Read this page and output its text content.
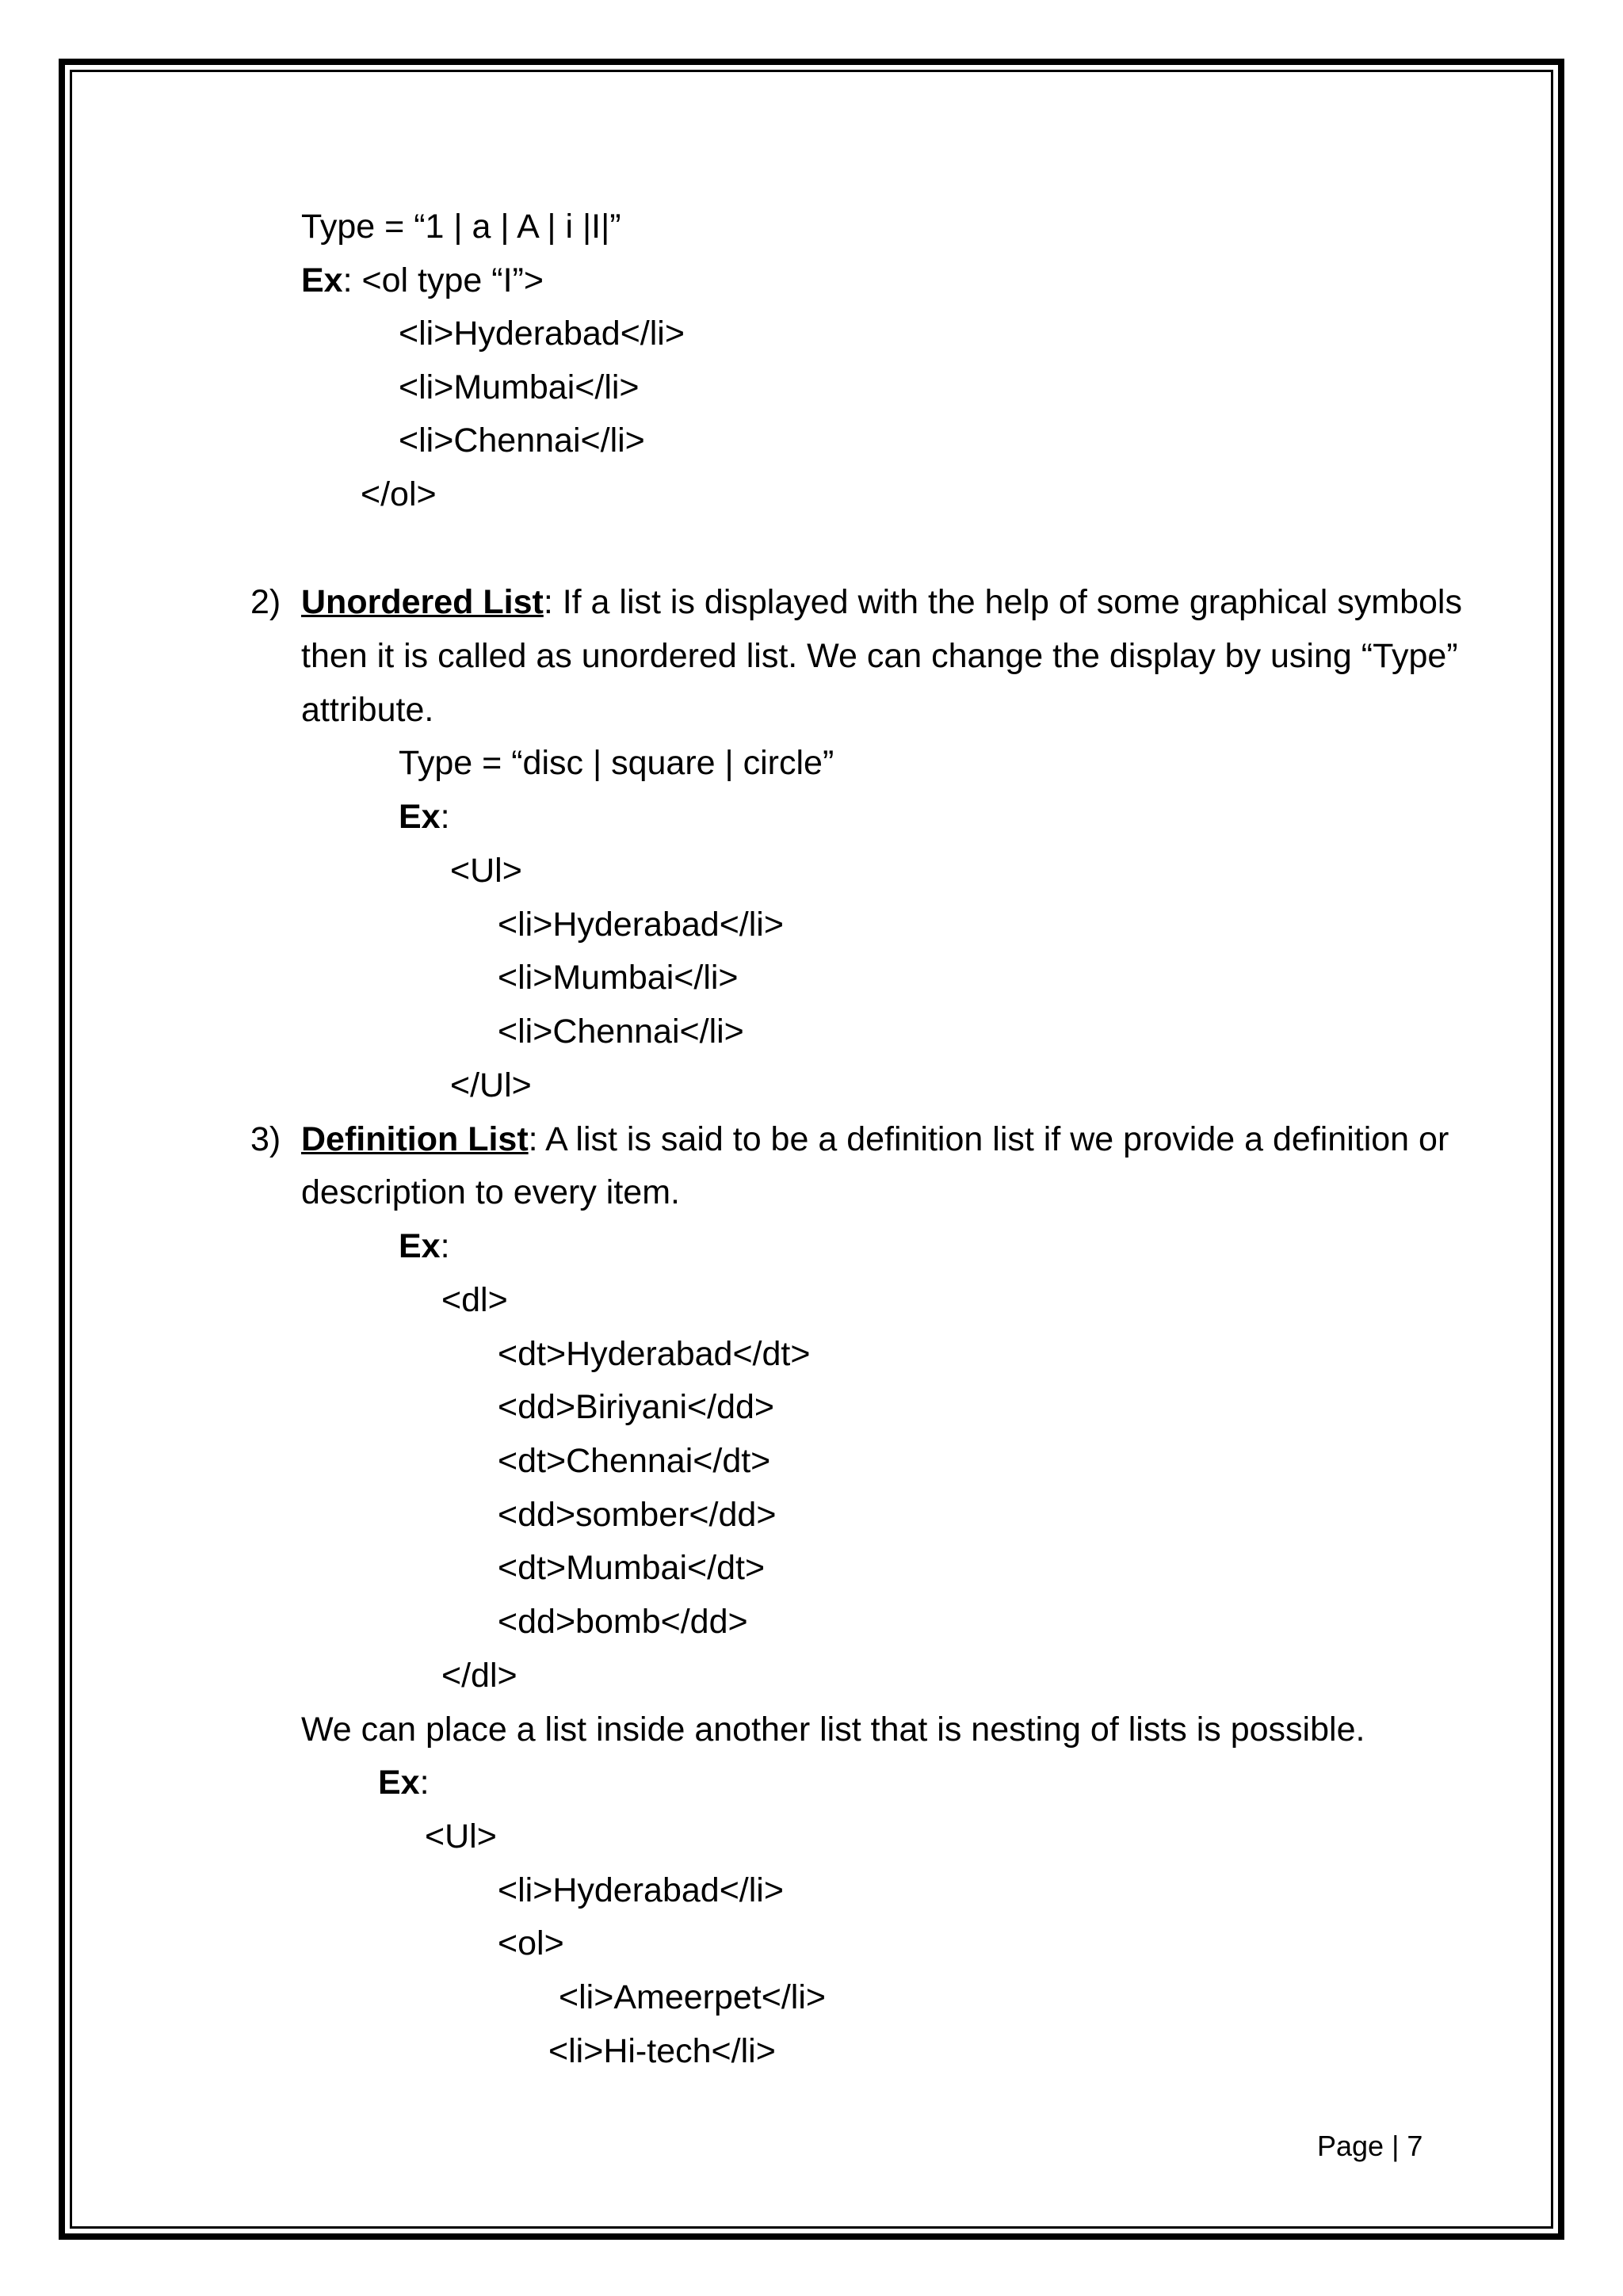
Type = “1 | a | A | i |I|”
Ex: <ol type “I”>
<li>Hyderabad</li>
<li>Mumbai</li>
<li>Chennai</li>
</ol>
2) Unordered List: If a list is displayed with the help of some graphical symbols
then it is called as unordered list. We can change the display by using “Type”
attribute.
Type = “disc | square | circle”
Ex:
<Ul>
<li>Hyderabad</li>
<li>Mumbai</li>
<li>Chennai</li>
</Ul>
3) Definition List: A list is said to be a definition list if we provide a definition or
description to every item.
Ex:
<dl>
<dt>Hyderabad</dt>
<dd>Biriyani</dd>
<dt>Chennai</dt>
<dd>somber</dd>
<dt>Mumbai</dt>
<dd>bomb</dd>
</dl>
We can place a list inside another list that is nesting of lists is possible.
Ex:
<Ul>
<li>Hyderabad</li>
<ol>
<li>Ameerpet</li>
<li>Hi-tech</li>
Page | 7
